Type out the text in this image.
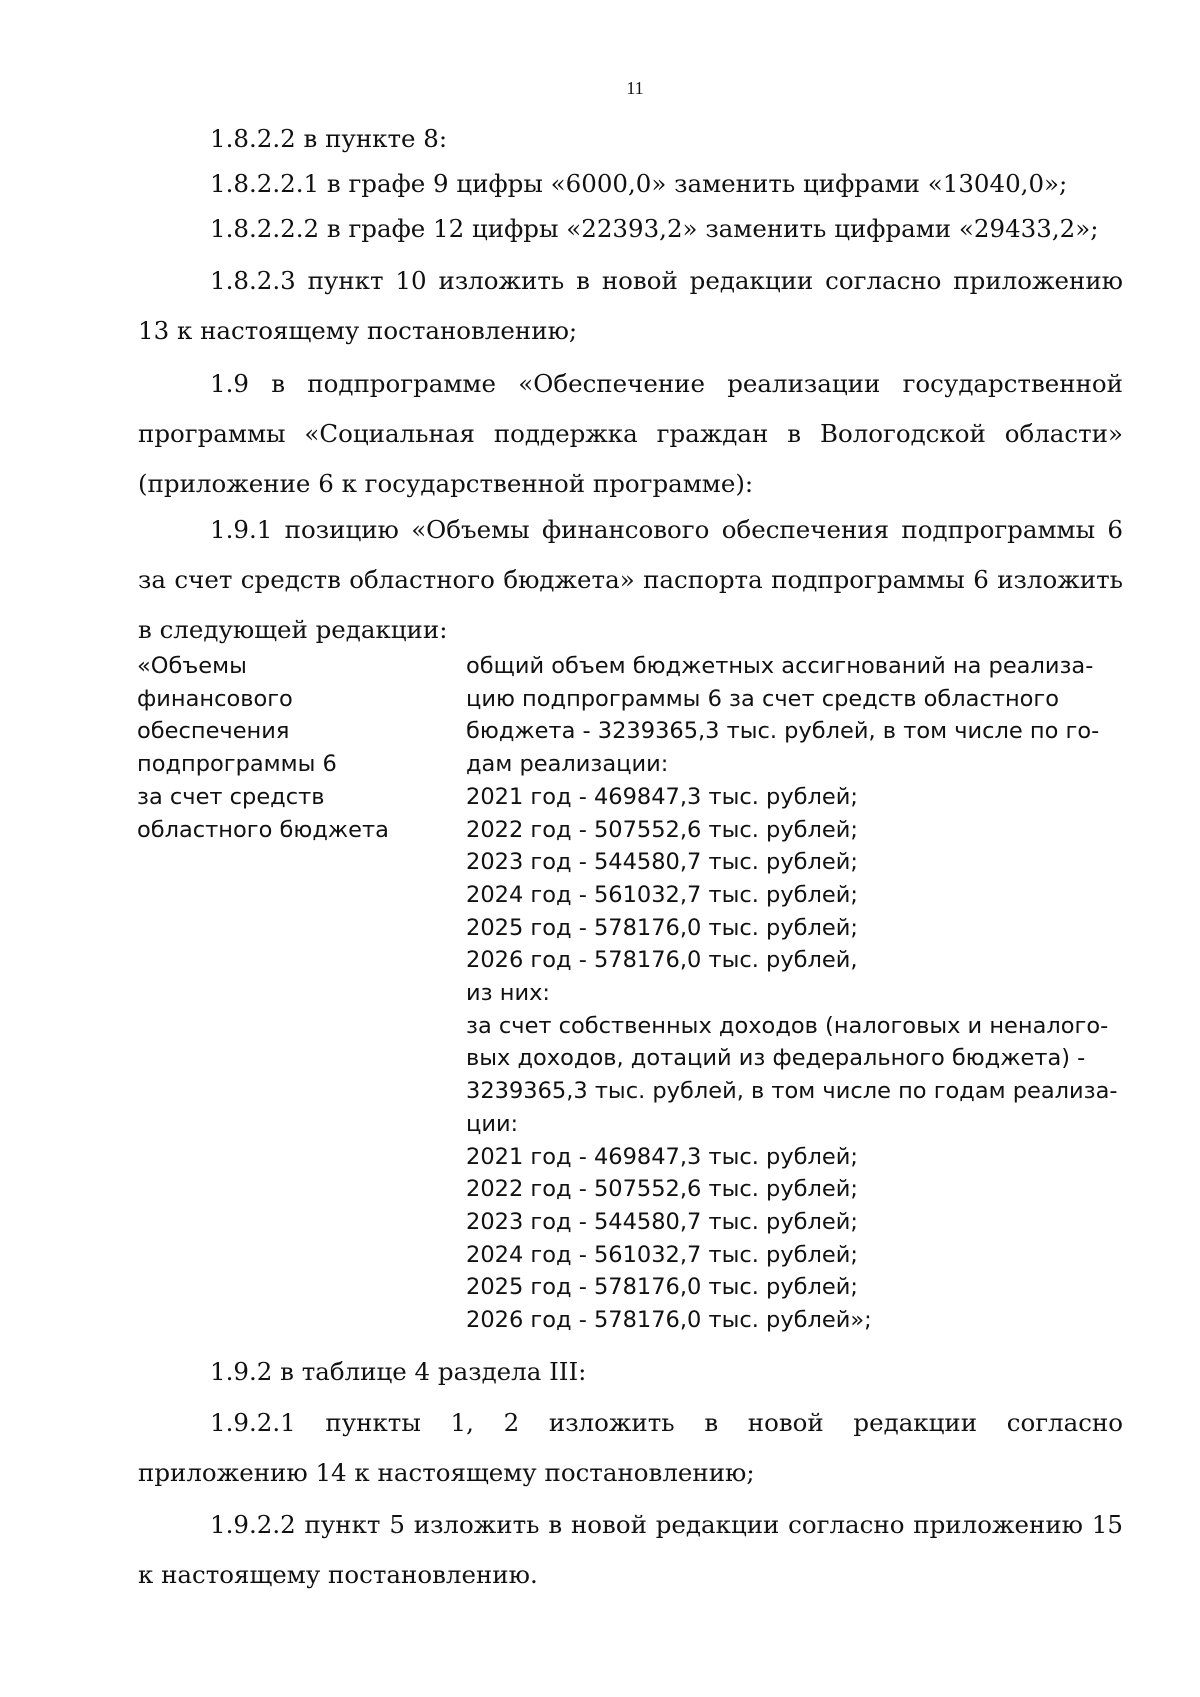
11

1.8.2.2 в пункте 8:

1.8.2.2.1 в графе 9 цифры «6000,0» заменить цифрами «13040,0»;

1.8.2.2.2 в графе 12 цифры «22393,2» заменить цифрами «29433,2»;

1.8.2.3 пункт 10 изложить в новой редакции согласно приложению 13 к настоящему постановлению;

1.9 в подпрограмме «Обеспечение реализации государственной программы «Социальная поддержка граждан в Вологодской области» (приложение 6 к государственной программе):

1.9.1 позицию «Объемы финансового обеспечения подпрограммы 6 за счет средств областного бюджета» паспорта подпрограммы 6 изложить в следующей редакции:

«Объемы
финансового
обеспечения
подпрограммы 6
за счет средств
областного бюджета
общий объем бюджетных ассигнований на реализа-
цию подпрограммы 6 за счет средств областного
бюджета - 3239365,3 тыс. рублей, в том числе по го-
дам реализации:
2021 год - 469847,3 тыс. рублей;
2022 год - 507552,6 тыс. рублей;
2023 год - 544580,7 тыс. рублей;
2024 год - 561032,7 тыс. рублей;
2025 год - 578176,0 тыс. рублей;
2026 год - 578176,0 тыс. рублей,
из них:
за счет собственных доходов (налоговых и неналого-
вых доходов, дотаций из федерального бюджета) -
3239365,3 тыс. рублей, в том числе по годам реализа-
ции:
2021 год - 469847,3 тыс. рублей;
2022 год - 507552,6 тыс. рублей;
2023 год - 544580,7 тыс. рублей;
2024 год - 561032,7 тыс. рублей;
2025 год - 578176,0 тыс. рублей;
2026 год - 578176,0 тыс. рублей»;

1.9.2 в таблице 4 раздела III:

1.9.2.1 пункты 1, 2 изложить в новой редакции согласно приложению 14 к настоящему постановлению;

1.9.2.2 пункт 5 изложить в новой редакции согласно приложению 15 к настоящему постановлению.
